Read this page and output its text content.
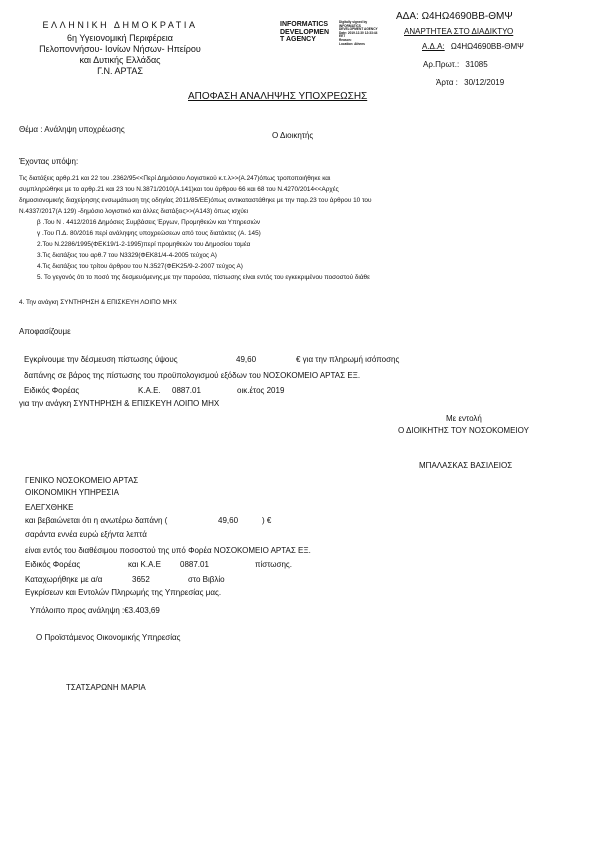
ΕΛΛΗΝΙΚΗ ΔΗΜΟΚΡΑΤΙΑ
6η Υγειονομική Περιφέρεια
Πελοποννήσου- Ιονίων Νήσων- Ηπείρου
και Δυτικής Ελλάδας
Γ.Ν. ΑΡΤΑΣ
INFORMATICS
DEVELOPMEN
T AGENCY
Digitally signed by
INFORMATICS
DEVELOPMENT AGENCY
Date: 2019.12.30 12:33:44
EET
Reason:
Location: Athens
ΑΔΑ: Ω4ΗΩ4690ΒΒ-ΘΜΨ
ΑΝΑΡΤΗΤΕΑ ΣΤΟ ΔΙΑΔΙΚΤΥΟ
Α.Δ.Α: Ω4ΗΩ4690ΒΒ-ΘΜΨ
Αρ.Πρωτ.: 31085
Άρτα : 30/12/2019
ΑΠΟΦΑΣΗ ΑΝΑΛΗΨΗΣ ΥΠΟΧΡΕΩΣΗΣ
Θέμα : Ανάληψη υποχρέωσης
Ο Διοικητής
Έχοντας υπόψη:
Τις διατάξεις αρθρ.21 και 22 του .2362/95<<Περί Δημόσιου Λογιστικού κ.τ.λ>>(Α.247)όπως τροποποιήθηκε και
συμπληρώθηκε με το αρθρ.21 και 23 του Ν.3871/2010(Α.141)και του άρθρου 66 και 68 του Ν.4270/2014<<Αρχές
δημοσιονομικής διαχείρησης ενσωμάτωση της οδηγίας 2011/85/ΕΕ)όπως αντικαταστάθηκε με την παρ.23 του άρθρου 10 του
Ν.4337/2017(Α 129) -δημόσιο λογιστικό και άλλες διατάξεις>>(Α143) όπως ισχύει
β .Του Ν . 4412/2016 Δημόσιες Συμβάσεις Έργων, Προμηθειών και Υπηρεσιών
γ .Του Π.Δ. 80/2016 περί ανάληψης υποχρεώσεων από τους διατάκτες (Α. 145)
2.Του Ν.2286/1995(ΦΕΚ19/1-2-1995)περί προμηθειών του Δημοσίου τομέα
3.Τις διατάξεις του αρθ.7 του Ν3329(ΦΕΚ81/4-4-2005 τεύχος Α)
4.Τις διατάξεις του τρίτου άρθρου του Ν.3527(ΦΕΚ25/9-2-2007 τεύχος Α)
5. Το γεγονός ότι το ποσό της δεσμευόμενης,με την παρούσα, πίστωσης είναι εντός του εγκεκριμένου ποσοστού διάθε
4. Την ανάγκη ΣΥΝΤΗΡΗΣΗ & ΕΠΙΣΚΕΥΗ ΛΟΙΠΟ ΜΗΧ
Αποφασίζουμε
Εγκρίνουμε την δέσμευση πίστωσης ύψους	49,60	€ για την πληρωμή ισόποσης
δαπάνης σε βάρος της πίστωσης του προϋπολογισμού εξόδων του ΝΟΣΟΚΟΜΕΙΟ ΑΡΤΑΣ ΕΞ.
Ειδικός Φορέας	Κ.Α.Ε. 0887.01	οικ.έτος 2019
για την ανάγκη ΣΥΝΤΗΡΗΣΗ & ΕΠΙΣΚΕΥΗ ΛΟΙΠΟ ΜΗΧ
Με εντολή
Ο ΔΙΟΙΚΗΤΗΣ ΤΟΥ ΝΟΣΟΚΟΜΕΙΟΥ
ΜΠΑΛΑΣΚΑΣ ΒΑΣΙΛΕΙΟΣ
ΓΕΝΙΚΟ ΝΟΣΟΚΟΜΕΙΟ ΑΡΤΑΣ
ΟΙΚΟΝΟΜΙΚΗ ΥΠΗΡΕΣΙΑ
ΕΛΕΓΧΘΗΚΕ
και βεβαιώνεται ότι η ανωτέρω δαπάνη (	49,60	) €
σαράντα εννέα ευρώ εξήντα λεπτά
είναι εντός του διαθέσιμου ποσοστού της υπό Φορέα ΝΟΣΟΚΟΜΕΙΟ ΑΡΤΑΣ ΕΞ.
Ειδικός Φορέας	και Κ.Α.Ε 0887.01	πίστωσης.
Καταχωρήθηκε με α/α	3652	στο Βιβλίο
Εγκρίσεων και Εντολών Πληρωμής της Υπηρεσίας μας.
Υπόλοιπο προς ανάληψη :€3.403,69
Ο Προϊστάμενος Οικονομικής Υπηρεσίας
ΤΣΑΤΣΑΡΩΝΗ ΜΑΡΙΑ
